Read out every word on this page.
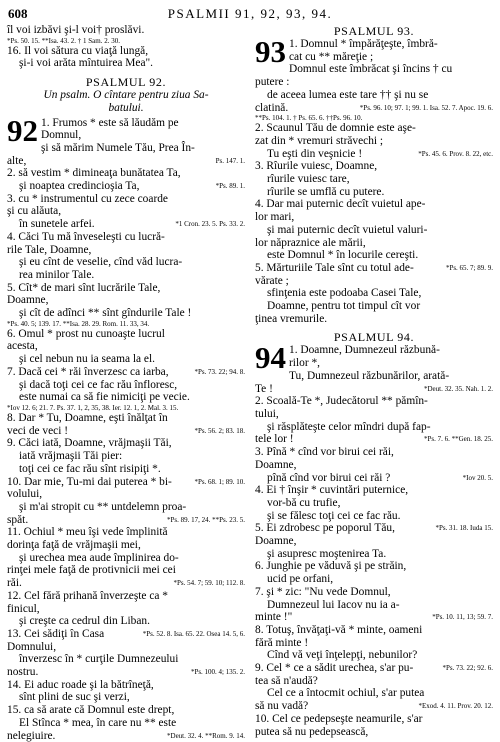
608	PSALMII 91, 92, 93, 94.
îl voi izbăvi şi-l voi† proslăvi.
*Ps. 50. 15. **Isa. 43. 2. † 1 Sam. 2. 30.
16. Il voi sătura cu viaţă lungă,
şi-i voi arăta mîntuirea Mea".
PSALMUL 92.
Un psalm. O cîntare pentru ziua Sa-
batului.
92 1. Frumos * este să lăudăm pe
Domnul,
şi să mărim Numele Tău, Prea În-
Ps. 147. 1.
alte,
2. să vestim * dimineaţa bunătatea Ta,
*Ps. 89. 1.
şi noaptea credincioşia Ta,
3. cu * instrumentul cu zece coarde
şi cu alăuta,
*1 Cron. 23. 5. Ps. 33. 2.
în sunetele arfei.
4. Căci Tu mă înveseleşti cu lucră-
rile Tale, Doamne,
şi eu cînt de veselie, cînd văd lucra-
rea minilor Tale.
5. Cît* de mari sînt lucrările Tale,
Doamne,
şi cît de adînci ** sînt gîndurile Tale !
*Ps. 40. 5; 139. 17. **Isa. 28. 29. Rom. 11. 33, 34.
6. Omul * prost nu cunoaşte lucrul
acesta,
şi cel nebun nu ia seama la el.
*Ps. 73. 22; 94. 8.
7. Dacă cei * răi înverzesc ca iarba,
şi dacă toţi cei ce fac rău înfloresc,
este numai ca să fie nimiciţi pe vecie.
*Iov 12. 6; 21. 7. Ps. 37. 1, 2, 35, 38. Ier. 12. 1, 2. Mal. 3. 15.
8. Dar * Tu, Doamne, eşti înălţat în
*Ps. 56. 2; 83. 18.
veci de veci !
9. Căci iată, Doamne, vrăjmaşii Tăi,
iată vrăjmaşii Tăi pier:
toţi cei ce fac rău sînt risipiţi *.
*Ps. 68. 1; 89. 10.
10. Dar mie, Tu-mi dai puterea * bi-
volului,
şi m'ai stropit cu ** untdelemn proa-
*Ps. 89. 17, 24. **Ps. 23. 5.
spăt.
11. Ochiul * meu îşi vede împlinită
dorinţa faţă de vrăjmaşii mei,
şi urechea mea aude împlinirea do-
rinţei mele faţă de protivnicii mei cei
*Ps. 54. 7; 59. 10; 112. 8.
răi.
12. Cel fără prihană înverzeşte ca *
finicul,
şi creşte ca cedrul din Liban.
*Ps. 52. 8. Isa. 65. 22. Osea 14. 5, 6.
13. Cei sădiţi în Casa Domnului,
înverzesc în * curţile Dumnezeului
*Ps. 100. 4; 135. 2.
nostru.
14. Ei aduc roade şi la bătrîneţă,
sînt plini de suc şi verzi,
15. ca să arate că Domnul este drept,
El Stînca * mea, în care nu ** este
*Deut. 32. 4. **Rom. 9. 14.
nelegiuire.
PSALMUL 93.
93 1. Domnul * împărăţeşte, îmbră-
cat cu ** măreţie ;
Domnul este îmbrăcat şi încins † cu
putere :
de aceea lumea este tare †† şi nu se
*Ps. 96. 10; 97. 1; 99. 1. Isa. 52. 7. Apoc. 19. 6.
clatină.
**Ps. 104. 1. † Ps. 65. 6. ††Ps. 96. 10.
2. Scaunul Tău de domnie este aşe-
zat din * vremuri străvechi ;
*Ps. 45. 6. Prov. 8. 22, etc.
Tu eşti din veşnicie !
3. Rîurile vuiesc, Doamne,
rîurile vuiesc tare,
rîurile se umflă cu putere.
4. Dar mai puternic decît vuietul ape-
lor mari,
şi mai puternic decît vuietul valuri-
lor năpraznice ale mării,
este Domnul * în locurile cereşti.
*Ps. 65. 7; 89. 9.
5. Mărturiile Tale sînt cu totul ade-
vărate ;
sfinţenia este podoaba Casei Tale,
Doamne, pentru tot timpul cît vor
ţinea vremurile.
PSALMUL 94.
94 1. Doamne, Dumnezeul răzbună-
rilor *,
Tu, Dumnezeul răzbunărilor, arată-
*Deut. 32. 35. Nah. 1. 2.
Te !
2. Scoală-Te *, Judecătorul ** pămîn-
tului,
şi răsplăteşte celor mîndri după fap-
*Ps. 7. 6. **Gen. 18. 25.
tele lor !
3. Pînă * cînd vor birui cei răi,
Doamne,
*Iov 20. 5.
pînă cînd vor birui cei răi ?
4. Ei † înşir * cuvintări puternice,
vor-bă cu trufie,
şi se fălesc toţi cei ce fac rău.
*Ps. 31. 18. Iuda 15.
5. Ei zdrobesc pe poporul Tău,
Doamne,
şi asupresc moştenirea Ta.
6. Junghie pe văduvă şi pe străin,
ucid pe orfani,
7. şi * zic: "Nu vede Domnul,
Dumnezeul lui Iacov nu ia a-
*Ps. 10. 11, 13; 59. 7.
minte !"
8. Totuş, învăţaţi-vă * minte, oameni
fără minte !
Cînd vă veţi înţelepţi, nebunilor?
*Ps. 73. 22; 92. 6.
9. Cel * ce a sădit urechea, s'ar pu-
tea să n'audă?
Cel ce a întocmit ochiul, s'ar putea
*Exod. 4. 11. Prov. 20. 12.
să nu vadă?
10. Cel ce pedepseşte neamurile, s'ar
putea să nu pedepsească,
